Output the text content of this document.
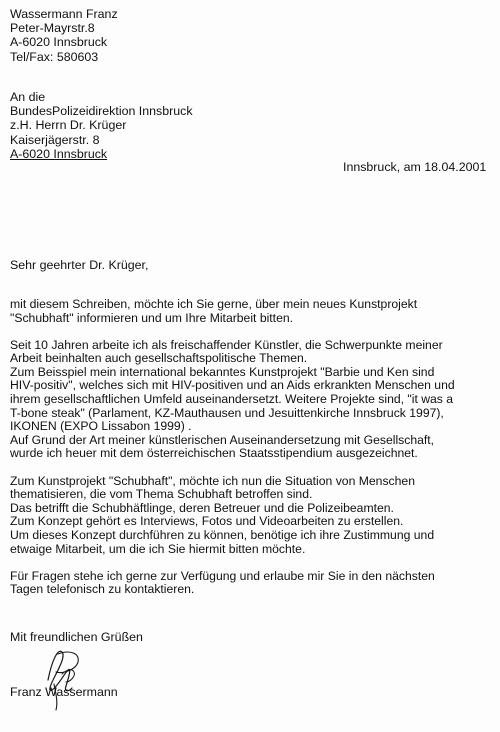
Wassermann Franz
Peter-Mayrstr.8
A-6020 Innsbruck
Tel/Fax: 580603
An die
BundesPolizeidirektion Innsbruck
z.H. Herrn Dr. Krüger
Kaiserjägerstr. 8
A-6020 Innsbruck
Innsbruck, am 18.04.2001
Sehr geehrter Dr. Krüger,
mit diesem Schreiben, möchte ich Sie gerne, über mein neues Kunstprojekt
"Schubhaft" informieren und um Ihre Mitarbeit bitten.
Seit 10 Jahren arbeite ich als freischaffender Künstler, die Schwerpunkte meiner
Arbeit beinhalten auch gesellschaftspolitische Themen.
Zum Beisspiel mein international bekanntes Kunstprojekt "Barbie und Ken sind
HIV-positiv", welches sich mit HIV-positiven und an Aids erkrankten Menschen und
ihrem gesellschaftlichen Umfeld auseinandersetzt. Weitere Projekte sind, "it was a
T-bone steak" (Parlament, KZ-Mauthausen und Jesuittenkirche Innsbruck 1997),
IKONEN (EXPO Lissabon 1999) .
Auf Grund der Art meiner künstlerischen Auseinandersetzung mit Gesellschaft,
wurde ich heuer mit dem österreichischen Staatsstipendium ausgezeichnet.
Zum Kunstprojekt "Schubhaft", möchte ich nun die Situation von Menschen
thematisieren, die vom Thema Schubhaft betroffen sind.
Das betrifft die Schubhäftlinge, deren Betreuer und die Polizeibeamten.
Zum Konzept gehört es Interviews, Fotos und Videoarbeiten zu erstellen.
Um dieses Konzept durchführen zu können, benötige ich ihre Zustimmung und
etwaige Mitarbeit, um die ich Sie hiermit bitten möchte.
Für Fragen stehe ich gerne zur Verfügung und erlaube mir Sie in den nächsten
Tagen telefonisch zu kontaktieren.
Mit freundlichen Grüßen
Franz Wassermann
